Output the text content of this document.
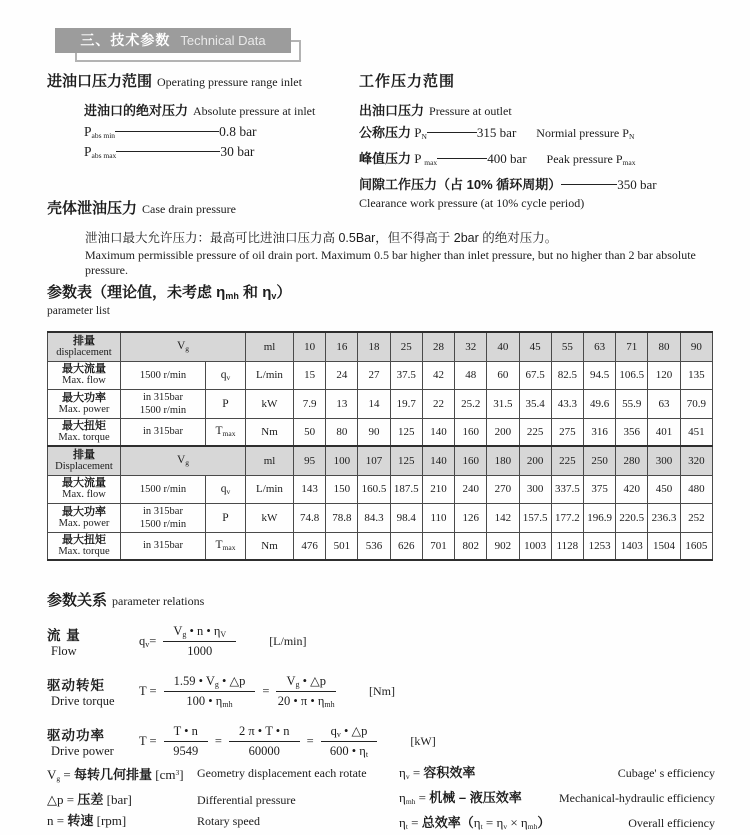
三、技术参数 Technical Data
进油口压力范围 Operating pressure range inlet
进油口的绝对压力 Absolute pressure at inlet
$P_{abs min}$	0.8 bar
$P_{abs max}$	30 bar
工作压力范围
出油口压力 Pressure at outlet
公称压力 $P_N$	315 bar Normial pressure $P_N$
峰值压力 P $_{max}$	400 bar Peak pressure $P_{max}$
间隙工作压力（占 10% 循环周期）	350 bar
Clearance work pressure (at 10% cycle period)
壳体泄油压力 Case drain pressure
泄油口最大允许压力：最高可比进油口压力高 0.5Bar，但不得高于 2bar 的绝对压力。
Maximum permissible pressure of oil drain port. Maximum 0.5 bar higher than inlet pressure, but no higher than 2 bar absolute pressure.
参数表（理论值，未考虑 $\eta_{mh}$ 和 $\eta_v$）
parameter list
排量
displacement	$V_g$		ml	10	16	18	25	28	32	40	45	55	63	71	80	90

最大流量
Max. flow	1500 r/min	$q_v$	L/min	15	24	27	37.5	42	48	60	67.5	82.5	94.5	106.5	120	135

最大功率
Max. power
	in 315bar
1500 r/min	P	kW	7.9	13	14	19.7	22	25.2	31.5	35.4	43.3	49.6	55.9	63	70.9

最大扭矩
Max. torque	in 315bar	$T_{max}$	Nm	50	80	90	125	140	160	200	225	275	316	356	401	451

排量
Displacement	$V_g$		ml	95	100	107	125	140	160	180	200	225	250	280	300	320

最大流量
Max. flow	1500 r/min	$q_v$	L/min	143	150	160.5	187.5	210	240	270	300	337.5	375	420	450	480

最大功率
Max. power
	in 315bar
1500 r/min	P	kW	74.8	78.8	84.3	98.4	110	126	142	157.5	177.2	196.9	220.5	236.3	252

最大扭矩
Max. torque	in 315bar	$T_{max}$	Nm	476	501	536	626	701	802	902	1003	1128	1253	1403	1504	1605
参数关系 parameter relations
流 量
Flow
$q_v = \frac{V_g • n • \eta_V}{1000}$	[L/min]
驱动转矩
Drive torque
$T = \frac{1.59 • V_g • \triangle p}{100 • \eta_{mh}} = \frac{V_g • \triangle p}{20 • \pi • \eta_{mh}}$	[Nm]
驱动功率
Drive power
$T = \frac{T • n}{9549} = \frac{2 \pi • T • n}{60000} = \frac{q_v • \triangle p}{600 • \eta_t}$	[kW]
$V_g$ = 每转几何排量 $[cm^3]$	Geometry displacement each rotate
△p = 压差 [bar]	Differential pressure
n = 转速 [rpm]	Rotary speed
$\eta_v$ = 容积效率	Cubage' s efficiency
$\eta_{mh}$ = 机械 – 液压效率	Mechanical-hydraulic efficiency
$\eta_t$ = 总效率$(\eta_t = \eta_v \times \eta_{mh})$	Overall efficiency
